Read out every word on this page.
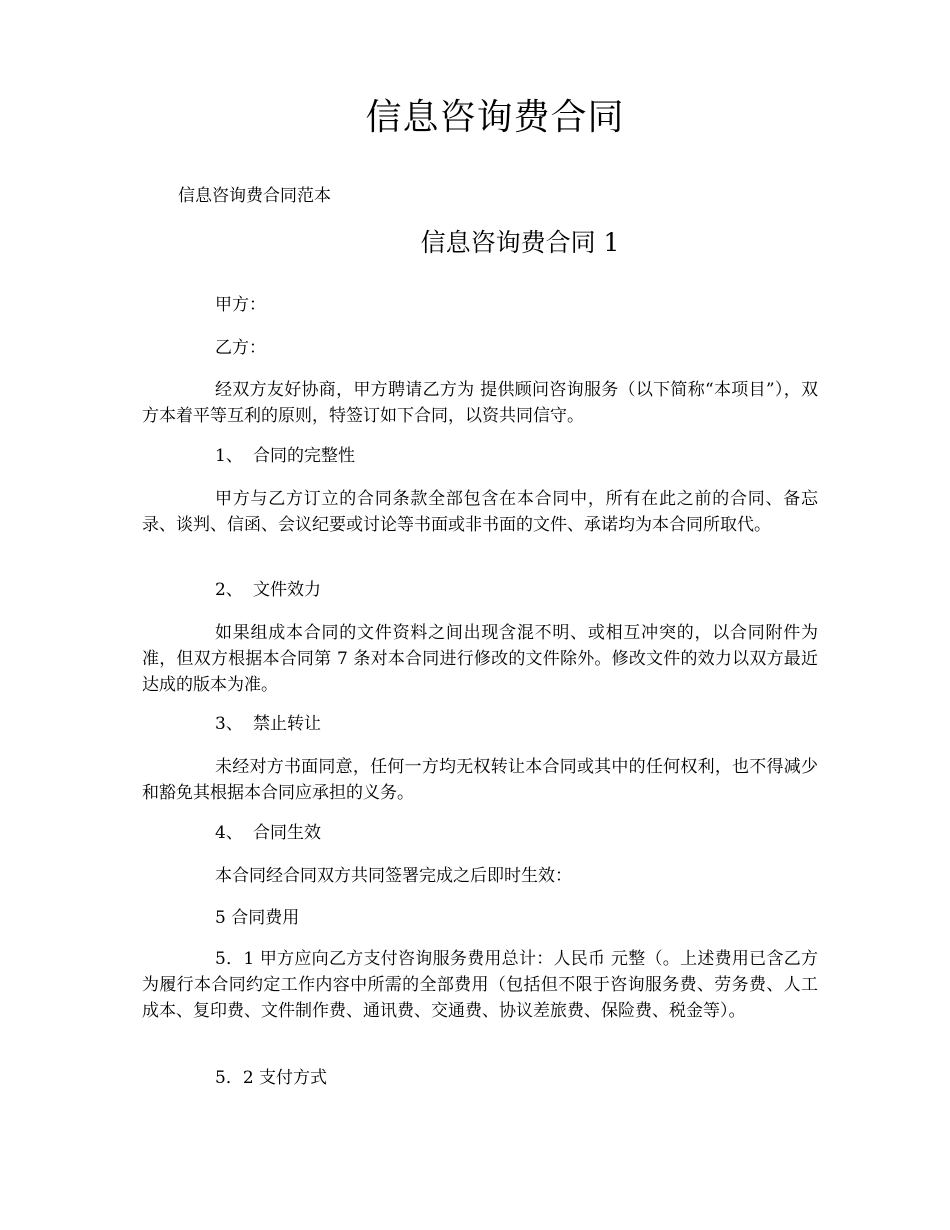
信息咨询费合同

信息咨询费合同范本

信息咨询费合同 1

甲方：

乙方：

经双方友好协商，甲方聘请乙方为 提供顾问咨询服务（以下简称“本项目”），双方本着平等互利的原则，特签订如下合同，以资共同信守。

1、 合同的完整性

甲方与乙方订立的合同条款全部包含在本合同中，所有在此之前的合同、备忘录、谈判、信函、会议纪要或讨论等书面或非书面的文件、承诺均为本合同所取代。

2、 文件效力

如果组成本合同的文件资料之间出现含混不明、或相互冲突的，以合同附件为准，但双方根据本合同第 7 条对本合同进行修改的文件除外。修改文件的效力以双方最近达成的版本为准。

3、 禁止转让

未经对方书面同意，任何一方均无权转让本合同或其中的任何权利，也不得减少和豁免其根据本合同应承担的义务。

4、 合同生效

本合同经合同双方共同签署完成之后即时生效：

5 合同费用

5．1 甲方应向乙方支付咨询服务费用总计：人民币 元整（。上述费用已含乙方为履行本合同约定工作内容中所需的全部费用（包括但不限于咨询服务费、劳务费、人工成本、复印费、文件制作费、通讯费、交通费、协议差旅费、保险费、税金等）。

5．2 支付方式
